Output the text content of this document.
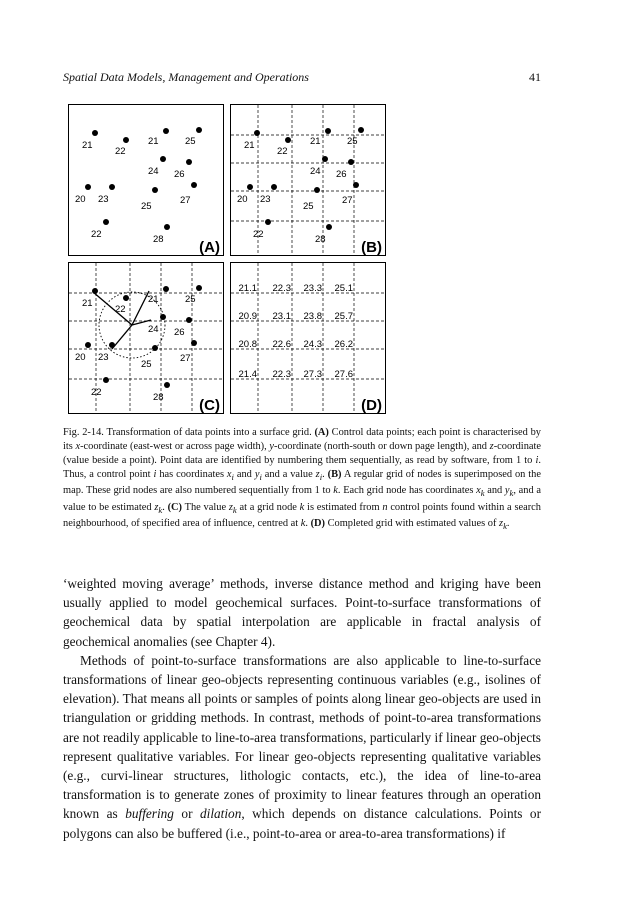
Spatial Data Models, Management and Operations	41
21
22
21	25
24 26
20 23
25
27
22	28 (A)
21
22
21	25
24 26
20 23
25
27
22	28 (B)
21
22
21	25
24 26
20 23
25
27
22	28 (C)
21.1 22.3 23.3 25.1
20.9 23.1 23.8 25.7
20.8 22.6 24.3 26.2
21.4 22.3 27.3 27.6
(D)
Fig. 2-14. Transformation of data points into a surface grid. (A) Control data points; each point is characterised by its x-coordinate (east-west or across page width), y-coordinate (north-south or down page length), and z-coordinate (value beside a point). Point data are identified by numbering them sequentially, as read by software, from 1 to i. Thus, a control point i has coordinates $x_i$ and $y_i$ and a value $z_i$. (B) A regular grid of nodes is superimposed on the map. These grid nodes are also numbered sequentially from 1 to k. Each grid node has coordinates $x_k$ and $y_k$, and a value to be estimated $z_k$. (C) The value $z_k$ at a grid node k is estimated from n control points found within a search neighbourhood, of specified area of influence, centred at k. (D) Completed grid with estimated values of $z_k$.

‘weighted moving average’ methods, inverse distance method and kriging have been usually applied to model geochemical surfaces. Point-to-surface transformations of geochemical data by spatial interpolation are applicable in fractal analysis of geochemical anomalies (see Chapter 4).

Methods of point-to-surface transformations are also applicable to line-to-surface transformations of linear geo-objects representing continuous variables (e.g., isolines of elevation). That means all points or samples of points along linear geo-objects are used in triangulation or gridding methods. In contrast, methods of point-to-area transformations are not readily applicable to line-to-area transformations, particularly if linear geo-objects represent qualitative variables. For linear geo-objects representing qualitative variables (e.g., curvi-linear structures, lithologic contacts, etc.), the idea of line-to-area transformation is to generate zones of proximity to linear features through an operation known as buffering or dilation, which depends on distance calculations. Points or polygons can also be buffered (i.e., point-to-area or area-to-area transformations) if
